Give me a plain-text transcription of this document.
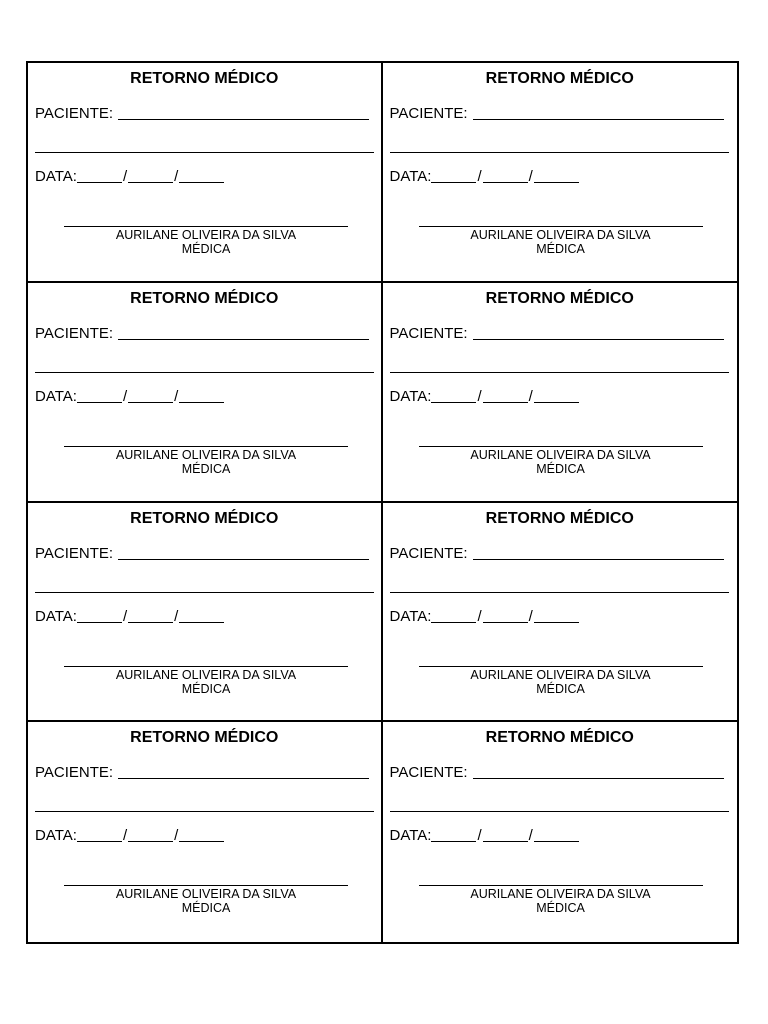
RETORNO MÉDICO
PACIENTE:
DATA:	/	/
AURILANE OLIVEIRA DA SILVA
MÉDICA
RETORNO MÉDICO
PACIENTE:
DATA:	/	/
AURILANE OLIVEIRA DA SILVA
MÉDICA
RETORNO MÉDICO
PACIENTE:
DATA:	/	/
AURILANE OLIVEIRA DA SILVA
MÉDICA
RETORNO MÉDICO
PACIENTE:
DATA:	/	/
AURILANE OLIVEIRA DA SILVA
MÉDICA
RETORNO MÉDICO
PACIENTE:
DATA:	/	/
AURILANE OLIVEIRA DA SILVA
MÉDICA
RETORNO MÉDICO
PACIENTE:
DATA:	/	/
AURILANE OLIVEIRA DA SILVA
MÉDICA
RETORNO MÉDICO
PACIENTE:
DATA:	/	/
AURILANE OLIVEIRA DA SILVA
MÉDICA
RETORNO MÉDICO
PACIENTE:
DATA:	/	/
AURILANE OLIVEIRA DA SILVA
MÉDICA
